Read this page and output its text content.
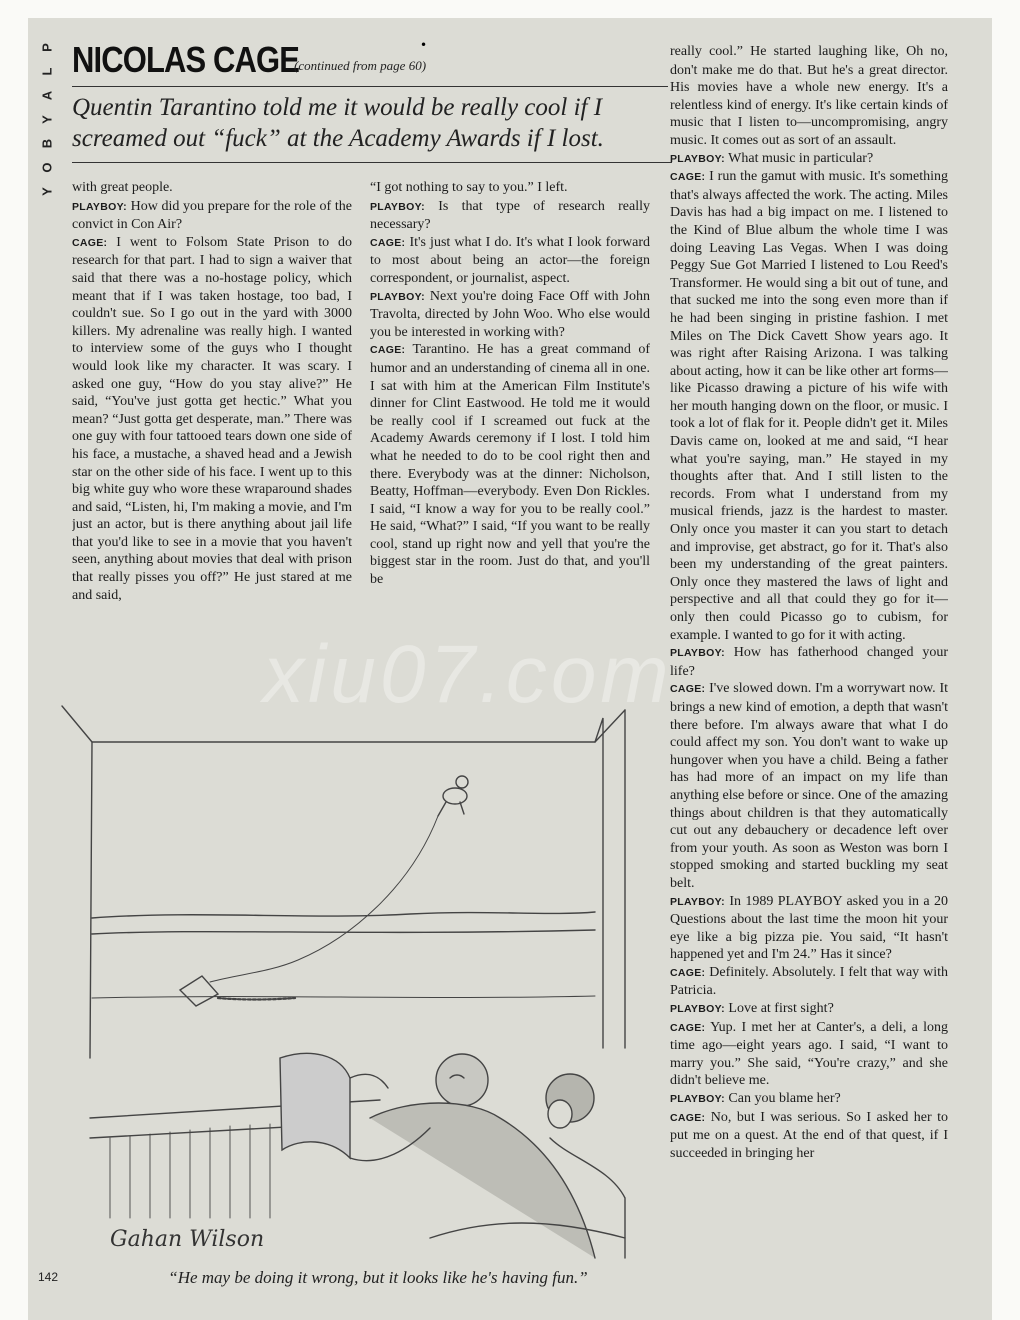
P
L
A
Y
B
O
Y
NICOLAS CAGE	•
(continued from page 60)
Quentin Tarantino told me it would be really cool if I screamed out “fuck” at the Academy Awards if I lost.

with great people.

PLAYBOY: How did you prepare for the role of the convict in Con Air?

CAGE: I went to Folsom State Prison to do research for that part. I had to sign a waiver that said that there was a no-hostage policy, which meant that if I was taken hostage, too bad, I couldn't sue. So I go out in the yard with 3000 killers. My adrenaline was really high. I wanted to interview some of the guys who I thought would look like my character. It was scary. I asked one guy, “How do you stay alive?” He said, “You've just gotta get hectic.” What you mean? “Just gotta get desperate, man.” There was one guy with four tattooed tears down one side of his face, a mustache, a shaved head and a Jewish star on the other side of his face. I went up to this big white guy who wore these wraparound shades and said, “Listen, hi, I'm making a movie, and I'm just an actor, but is there anything about jail life that you'd like to see in a movie that you haven't seen, anything about movies that deal with prison that really pisses you off?” He just stared at me and said,

“I got nothing to say to you.” I left.

PLAYBOY: Is that type of research really necessary?

CAGE: It's just what I do. It's what I look forward to most about being an actor—the foreign correspondent, or journalist, aspect.

PLAYBOY: Next you're doing Face Off with John Travolta, directed by John Woo. Who else would you be interested in working with?

CAGE: Tarantino. He has a great command of humor and an understanding of cinema all in one. I sat with him at the American Film Institute's dinner for Clint Eastwood. He told me it would be really cool if I screamed out fuck at the Academy Awards ceremony if I lost. I told him what he needed to do to be cool right then and there. Everybody was at the dinner: Nicholson, Beatty, Hoffman—everybody. Even Don Rickles. I said, “I know a way for you to be really cool.” He said, “What?” I said, “If you want to be really cool, stand up right now and yell that you're the biggest star in the room. Just do that, and you'll be

really cool.” He started laughing like, Oh no, don't make me do that. But he's a great director. His movies have a whole new energy. It's a relentless kind of energy. It's like certain kinds of music that I listen to—uncompromising, angry music. It comes out as sort of an assault.

PLAYBOY: What music in particular?

CAGE: I run the gamut with music. It's something that's always affected the work. The acting. Miles Davis has had a big impact on me. I listened to the Kind of Blue album the whole time I was doing Leaving Las Vegas. When I was doing Peggy Sue Got Married I listened to Lou Reed's Transformer. He would sing a bit out of tune, and that sucked me into the song even more than if he had been singing in pristine fashion. I met Miles on The Dick Cavett Show years ago. It was right after Raising Arizona. I was talking about acting, how it can be like other art forms—like Picasso drawing a picture of his wife with her mouth hanging down on the floor, or music. I took a lot of flak for it. People didn't get it. Miles Davis came on, looked at me and said, “I hear what you're saying, man.” He stayed in my thoughts after that. And I still listen to the records. From what I understand from my musical friends, jazz is the hardest to master. Only once you master it can you start to detach and improvise, get abstract, go for it. That's also been my understanding of the great painters. Only once they mastered the laws of light and perspective and all that could they go for it—only then could Picasso go to cubism, for example. I wanted to go for it with acting.

PLAYBOY: How has fatherhood changed your life?

CAGE: I've slowed down. I'm a worrywart now. It brings a new kind of emotion, a depth that wasn't there before. I'm always aware that what I do could affect my son. You don't want to wake up hungover when you have a child. Being a father has had more of an impact on my life than anything else before or since. One of the amazing things about children is that they automatically cut out any debauchery or decadence left over from your youth. As soon as Weston was born I stopped smoking and started buckling my seat belt.

PLAYBOY: In 1989 PLAYBOY asked you in a 20 Questions about the last time the moon hit your eye like a big pizza pie. You said, “It hasn't happened yet and I'm 24.” Has it since?

CAGE: Definitely. Absolutely. I felt that way with Patricia.

PLAYBOY: Love at first sight?

CAGE: Yup. I met her at Canter's, a deli, a long time ago—eight years ago. I said, “I want to marry you.” She said, “You're crazy,” and she didn't believe me.

PLAYBOY: Can you blame her?

CAGE: No, but I was serious. So I asked her to put me on a quest. At the end of that quest, if I succeeded in bringing her

Gahan Wilson
“He may be doing it wrong, but it looks like he's having fun.”
142
xiu07.com
